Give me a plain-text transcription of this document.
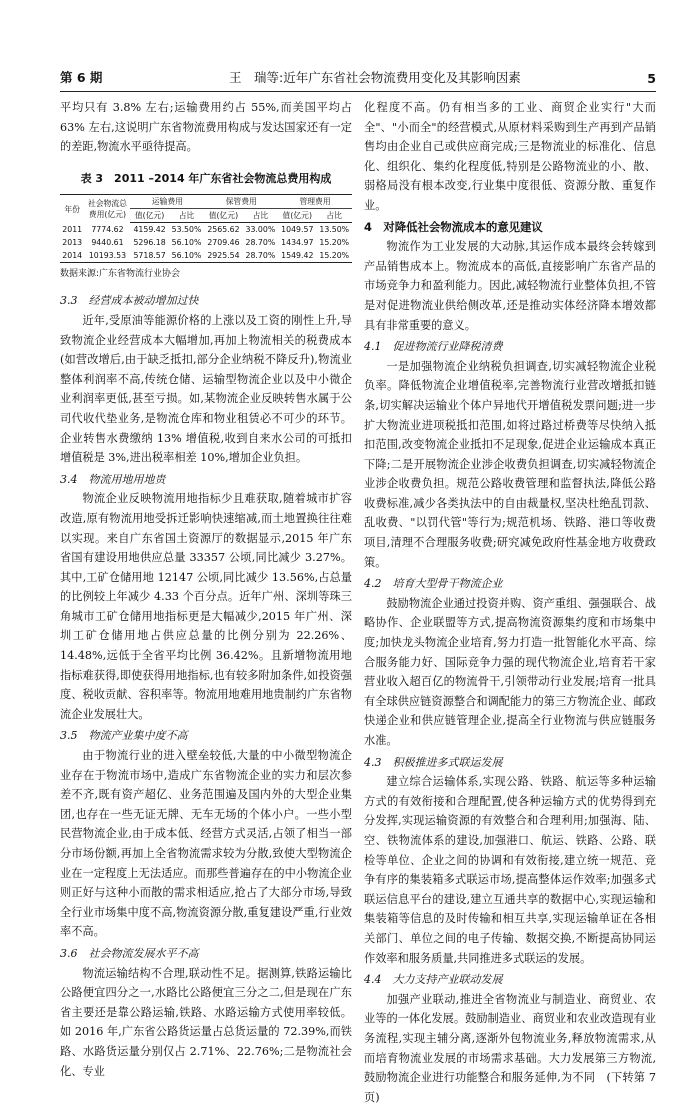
第 6 期	王　瑞等:近年广东省社会物流费用变化及其影响因素	5

平均只有 3.8% 左右;运输费用约占 55%,而美国平均占 63% 左右,这说明广东省物流费用构成与发达国家还有一定的差距,物流水平亟待提高。

表 3　2011 –2014 年广东省社会物流总费用构成
年份	社会物流总费用(亿元)	运输费用		保管费用		管理费用	
		值(亿元)	占比	值(亿元)	占比	值(亿元)	占比
2011	7774.62	4159.42	53.50%	2565.62	33.00%	1049.57	13.50%
2013	9440.61	5296.18	56.10%	2709.46	28.70%	1434.97	15.20%
2014	10193.53	5718.57	56.10%	2925.54	28.70%	1549.42	15.20%
数据来源:广东省物流行业协会
3.3　经营成本被动增加过快

近年,受原油等能源价格的上涨以及工资的刚性上升,导致物流企业经营成本大幅增加,再加上物流相关的税费成本(如营改增后,由于缺乏抵扣,部分企业纳税不降反升),物流业整体利润率不高,传统仓储、运输型物流企业以及中小微企业利润率更低,甚至亏损。如,某物流企业反映转售水属于公司代收代垫业务,是物流仓库和物业租赁必不可少的环节。企业转售水费缴纳 13% 增值税,收到自来水公司的可抵扣增值税是 3%,进出税率相差 10%,增加企业负担。

3.4　物流用地用地贵

物流企业反映物流用地指标少且难获取,随着城市扩容改造,原有物流用地受拆迁影响快速缩减,而土地置换往往难以实现。来自广东省国土资源厅的数据显示,2015 年广东省国有建设用地供应总量 33357 公顷,同比减少 3.27%。其中,工矿仓储用地 12147 公顷,同比减少 13.56%,占总量的比例较上年减少 4.33 个百分点。近年广州、深圳等珠三角城市工矿仓储用地指标更是大幅减少,2015 年广州、深圳工矿仓储用地占供应总量的比例分别为 22.26%、14.48%,远低于全省平均比例 36.42%。且新增物流用地指标难获得,即使获得用地指标,也有较多附加条件,如投资强度、税收贡献、容积率等。物流用地难用地贵制约广东省物流企业发展壮大。

3.5　物流产业集中度不高

由于物流行业的进入壁垒较低,大量的中小微型物流企业存在于物流市场中,造成广东省物流企业的实力和层次参差不齐,既有资产超亿、业务范围遍及国内外的大型企业集团,也存在一些无证无牌、无车无场的个体小户。一些小型民营物流企业,由于成本低、经营方式灵活,占领了相当一部分市场份额,再加上全省物流需求较为分散,致使大型物流企业在一定程度上无法适应。而那些普遍存在的中小物流企业则正好与这种小而散的需求相适应,抢占了大部分市场,导致全行业市场集中度不高,物流资源分散,重复建设严重,行业效率不高。

3.6　社会物流发展水平不高

物流运输结构不合理,联动性不足。据测算,铁路运输比公路便宜四分之一,水路比公路便宜三分之二,但是现在广东省主要还是靠公路运输,铁路、水路运输方式使用率较低。如 2016 年,广东省公路货运量占总货运量的 72.39%,而铁路、水路货运量分别仅占 2.71%、22.76%;二是物流社会化、专业

化程度不高。仍有相当多的工业、商贸企业实行"大而全"、"小而全"的经营模式,从原材料采购到生产再到产品销售均由企业自己或供应商完成;三是物流业的标准化、信息化、组织化、集约化程度低,特别是公路物流业的小、散、弱格局没有根本改变,行业集中度很低、资源分散、重复作业。

4　对降低社会物流成本的意见建议

物流作为工业发展的大动脉,其运作成本最终会转嫁到产品销售成本上。物流成本的高低,直接影响广东省产品的市场竞争力和盈利能力。因此,减轻物流行业整体负担,不管是对促进物流业供给侧改革,还是推动实体经济降本增效都具有非常重要的意义。

4.1　促进物流行业降税清费

一是加强物流企业纳税负担调查,切实减轻物流企业税负率。降低物流企业增值税率,完善物流行业营改增抵扣链条,切实解决运输业个体户异地代开增值税发票问题;进一步扩大物流业进项税抵扣范围,如将过路过桥费等尽快纳入抵扣范围,改变物流企业抵扣不足现象,促进企业运输成本真正下降;二是开展物流企业涉企收费负担调查,切实减轻物流企业涉企收费负担。规范公路收费管理和监督执法,降低公路收费标准,减少各类执法中的自由裁量权,坚决杜绝乱罚款、乱收费、"以罚代管"等行为;规范机场、铁路、港口等收费项目,清理不合理服务收费;研究减免政府性基金地方收费政策。

4.2　培育大型骨干物流企业

鼓励物流企业通过投资并购、资产重组、强强联合、战略协作、企业联盟等方式,提高物流资源集约度和市场集中度;加快龙头物流企业培育,努力打造一批智能化水平高、综合服务能力好、国际竞争力强的现代物流企业,培育若干家营业收入超百亿的物流骨干,引领带动行业发展;培育一批具有全球供应链资源整合和调配能力的第三方物流企业、邮政快递企业和供应链管理企业,提高全行业物流与供应链服务水准。

4.3　积极推进多式联运发展

建立综合运输体系,实现公路、铁路、航运等多种运输方式的有效衔接和合理配置,使各种运输方式的优势得到充分发挥,实现运输资源的有效整合和合理利用;加强海、陆、空、铁物流体系的建设,加强港口、航运、铁路、公路、联检等单位、企业之间的协调和有效衔接,建立统一规范、竞争有序的集装箱多式联运市场,提高整体运作效率;加强多式联运信息平台的建设,建立互通共享的数据中心,实现运输和集装箱等信息的及时传输和相互共享,实现运输单证在各相关部门、单位之间的电子传输、数据交换,不断提高协同运作效率和服务质量,共同推进多式联运的发展。

4.4　大力支持产业联动发展

加强产业联动,推进全省物流业与制造业、商贸业、农业等的一体化发展。鼓励制造业、商贸业和农业改造现有业务流程,实现主辅分离,逐渐外包物流业务,释放物流需求,从而培育物流业发展的市场需求基础。大力发展第三方物流,鼓励物流企业进行功能整合和服务延伸,为不同　(下转第 7 页)
